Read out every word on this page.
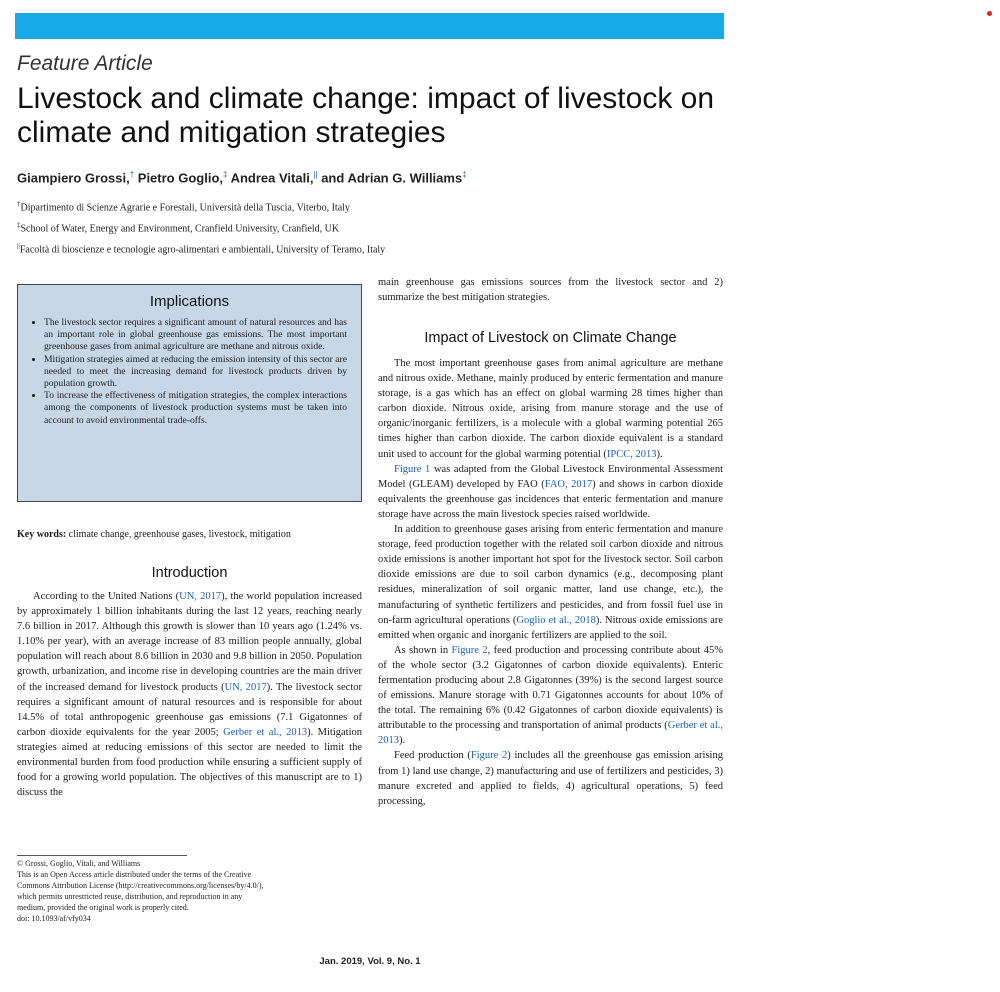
Feature Article
Livestock and climate change: impact of livestock on climate and mitigation strategies
Giampiero Grossi,† Pietro Goglio,‡ Andrea Vitali,|| and Adrian G. Williams‡
†Dipartimento di Scienze Agrarie e Forestali, Università della Tuscia, Viterbo, Italy
‡School of Water, Energy and Environment, Cranfield University, Cranfield, UK
||Facoltà di bioscienze e tecnologie agro-alimentari e ambientali, University of Teramo, Italy
Implications
• The livestock sector requires a significant amount of natural resources and has an important role in global greenhouse gas emissions. The most important greenhouse gases from animal agriculture are methane and nitrous oxide.
• Mitigation strategies aimed at reducing the emission intensity of this sector are needed to meet the increasing demand for livestock products driven by population growth.
• To increase the effectiveness of mitigation strategies, the complex interactions among the components of livestock production systems must be taken into account to avoid environmental trade-offs.
Key words: climate change, greenhouse gases, livestock, mitigation
Introduction

According to the United Nations (UN, 2017), the world population increased by approximately 1 billion inhabitants during the last 12 years, reaching nearly 7.6 billion in 2017. Although this growth is slower than 10 years ago (1.24% vs. 1.10% per year), with an average increase of 83 million people annually, global population will reach about 8.6 billion in 2030 and 9.8 billion in 2050. Population growth, urbanization, and income rise in developing countries are the main driver of the increased demand for livestock products (UN, 2017). The livestock sector requires a significant amount of natural resources and is responsible for about 14.5% of total anthropogenic greenhouse gas emissions (7.1 Gigatonnes of carbon dioxide equivalents for the year 2005; Gerber et al., 2013). Mitigation strategies aimed at reducing emissions of this sector are needed to limit the environmental burden from food production while ensuring a sufficient supply of food for a growing world population. The objectives of this manuscript are to 1) discuss the

main greenhouse gas emissions sources from the livestock sector and 2) summarize the best mitigation strategies.

Impact of Livestock on Climate Change

The most important greenhouse gases from animal agriculture are methane and nitrous oxide. Methane, mainly produced by enteric fermentation and manure storage, is a gas which has an effect on global warming 28 times higher than carbon dioxide. Nitrous oxide, arising from manure storage and the use of organic/inorganic fertilizers, is a molecule with a global warming potential 265 times higher than carbon dioxide. The carbon dioxide equivalent is a standard unit used to account for the global warming potential (IPCC, 2013).

Figure 1 was adapted from the Global Livestock Environmental Assessment Model (GLEAM) developed by FAO (FAO, 2017) and shows in carbon dioxide equivalents the greenhouse gas incidences that enteric fermentation and manure storage have across the main livestock species raised worldwide.

In addition to greenhouse gases arising from enteric fermentation and manure storage, feed production together with the related soil carbon dioxide and nitrous oxide emissions is another important hot spot for the livestock sector. Soil carbon dioxide emissions are due to soil carbon dynamics (e.g., decomposing plant residues, mineralization of soil organic matter, land use change, etc.), the manufacturing of synthetic fertilizers and pesticides, and from fossil fuel use in on-farm agricultural operations (Goglio et al., 2018). Nitrous oxide emissions are emitted when organic and inorganic fertilizers are applied to the soil.

As shown in Figure 2, feed production and processing contribute about 45% of the whole sector (3.2 Gigatonnes of carbon dioxide equivalents). Enteric fermentation producing about 2.8 Gigatonnes (39%) is the second largest source of emissions. Manure storage with 0.71 Gigatonnes accounts for about 10% of the total. The remaining 6% (0.42 Gigatonnes of carbon dioxide equivalents) is attributable to the processing and transportation of animal products (Gerber et al., 2013).

Feed production (Figure 2) includes all the greenhouse gas emission arising from 1) land use change, 2) manufacturing and use of fertilizers and pesticides, 3) manure excreted and applied to fields, 4) agricultural operations, 5) feed processing,

© Grossi, Goglio, Vitali, and Williams
This is an Open Access article distributed under the terms of the Creative
Commons Attribution License (http://creativecommons.org/licenses/by/4.0/),
which permits unrestricted reuse, distribution, and reproduction in any
medium, provided the original work is properly cited.
doi: 10.1093/af/vfy034
Jan. 2019, Vol. 9, No. 1
